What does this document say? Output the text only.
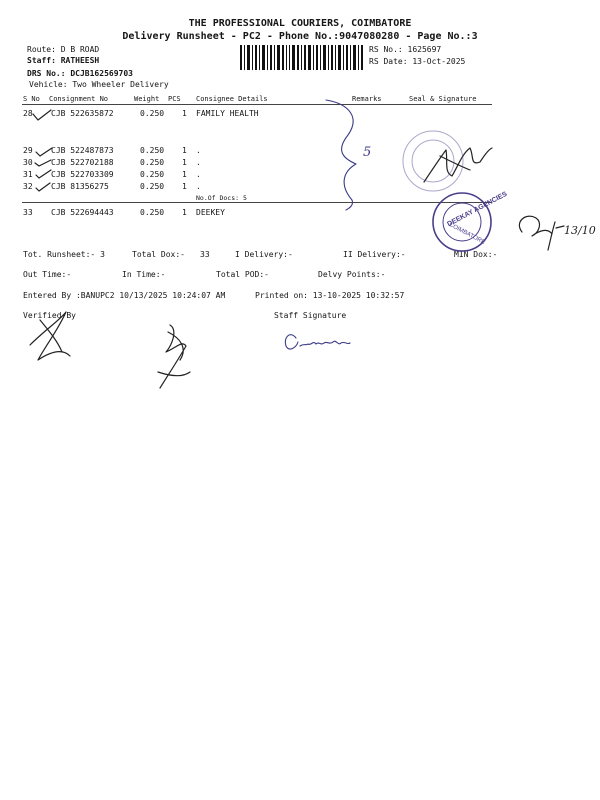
THE PROFESSIONAL COURIERS, COIMBATORE
Delivery Runsheet - PC2 - Phone No.:9047080280 - Page No.:3
Route: D B ROAD
Staff: RATHEESH
DRS No.: DCJB162569703
Vehicle: Two Wheeler Delivery
RS No.: 1625697
RS Date: 13-Oct-2025
S No Consignment No	Weight PCS Consignee Details	Remarks	Seal & Signature
28 CJB 522635872	0.250 1 FAMILY HEALTH
29 CJB 522487873	0.250 1 .
30 CJB 522702188	0.250 1 .
31 CJB 522703309	0.250 1 .
32 CJB 81356275	0.250 1 .
No.Of Docs: 5
33 CJB 522694443	0.250 1 DEEKEY
Tot. Runsheet:- 3	Total Dox:- 33	I Delivery:-	II Delivery:-	MIN Dox:-
Out Time:-	In Time:-	Total POD:-	Delvy Points:-
Entered By :BANUPC2 10/13/2025 10:24:07 AM	Printed on: 13-10-2025 10:32:57
Verified By	Staff Signature
DEEKAY AGENCIES
COIMBATORE
5
13/10
